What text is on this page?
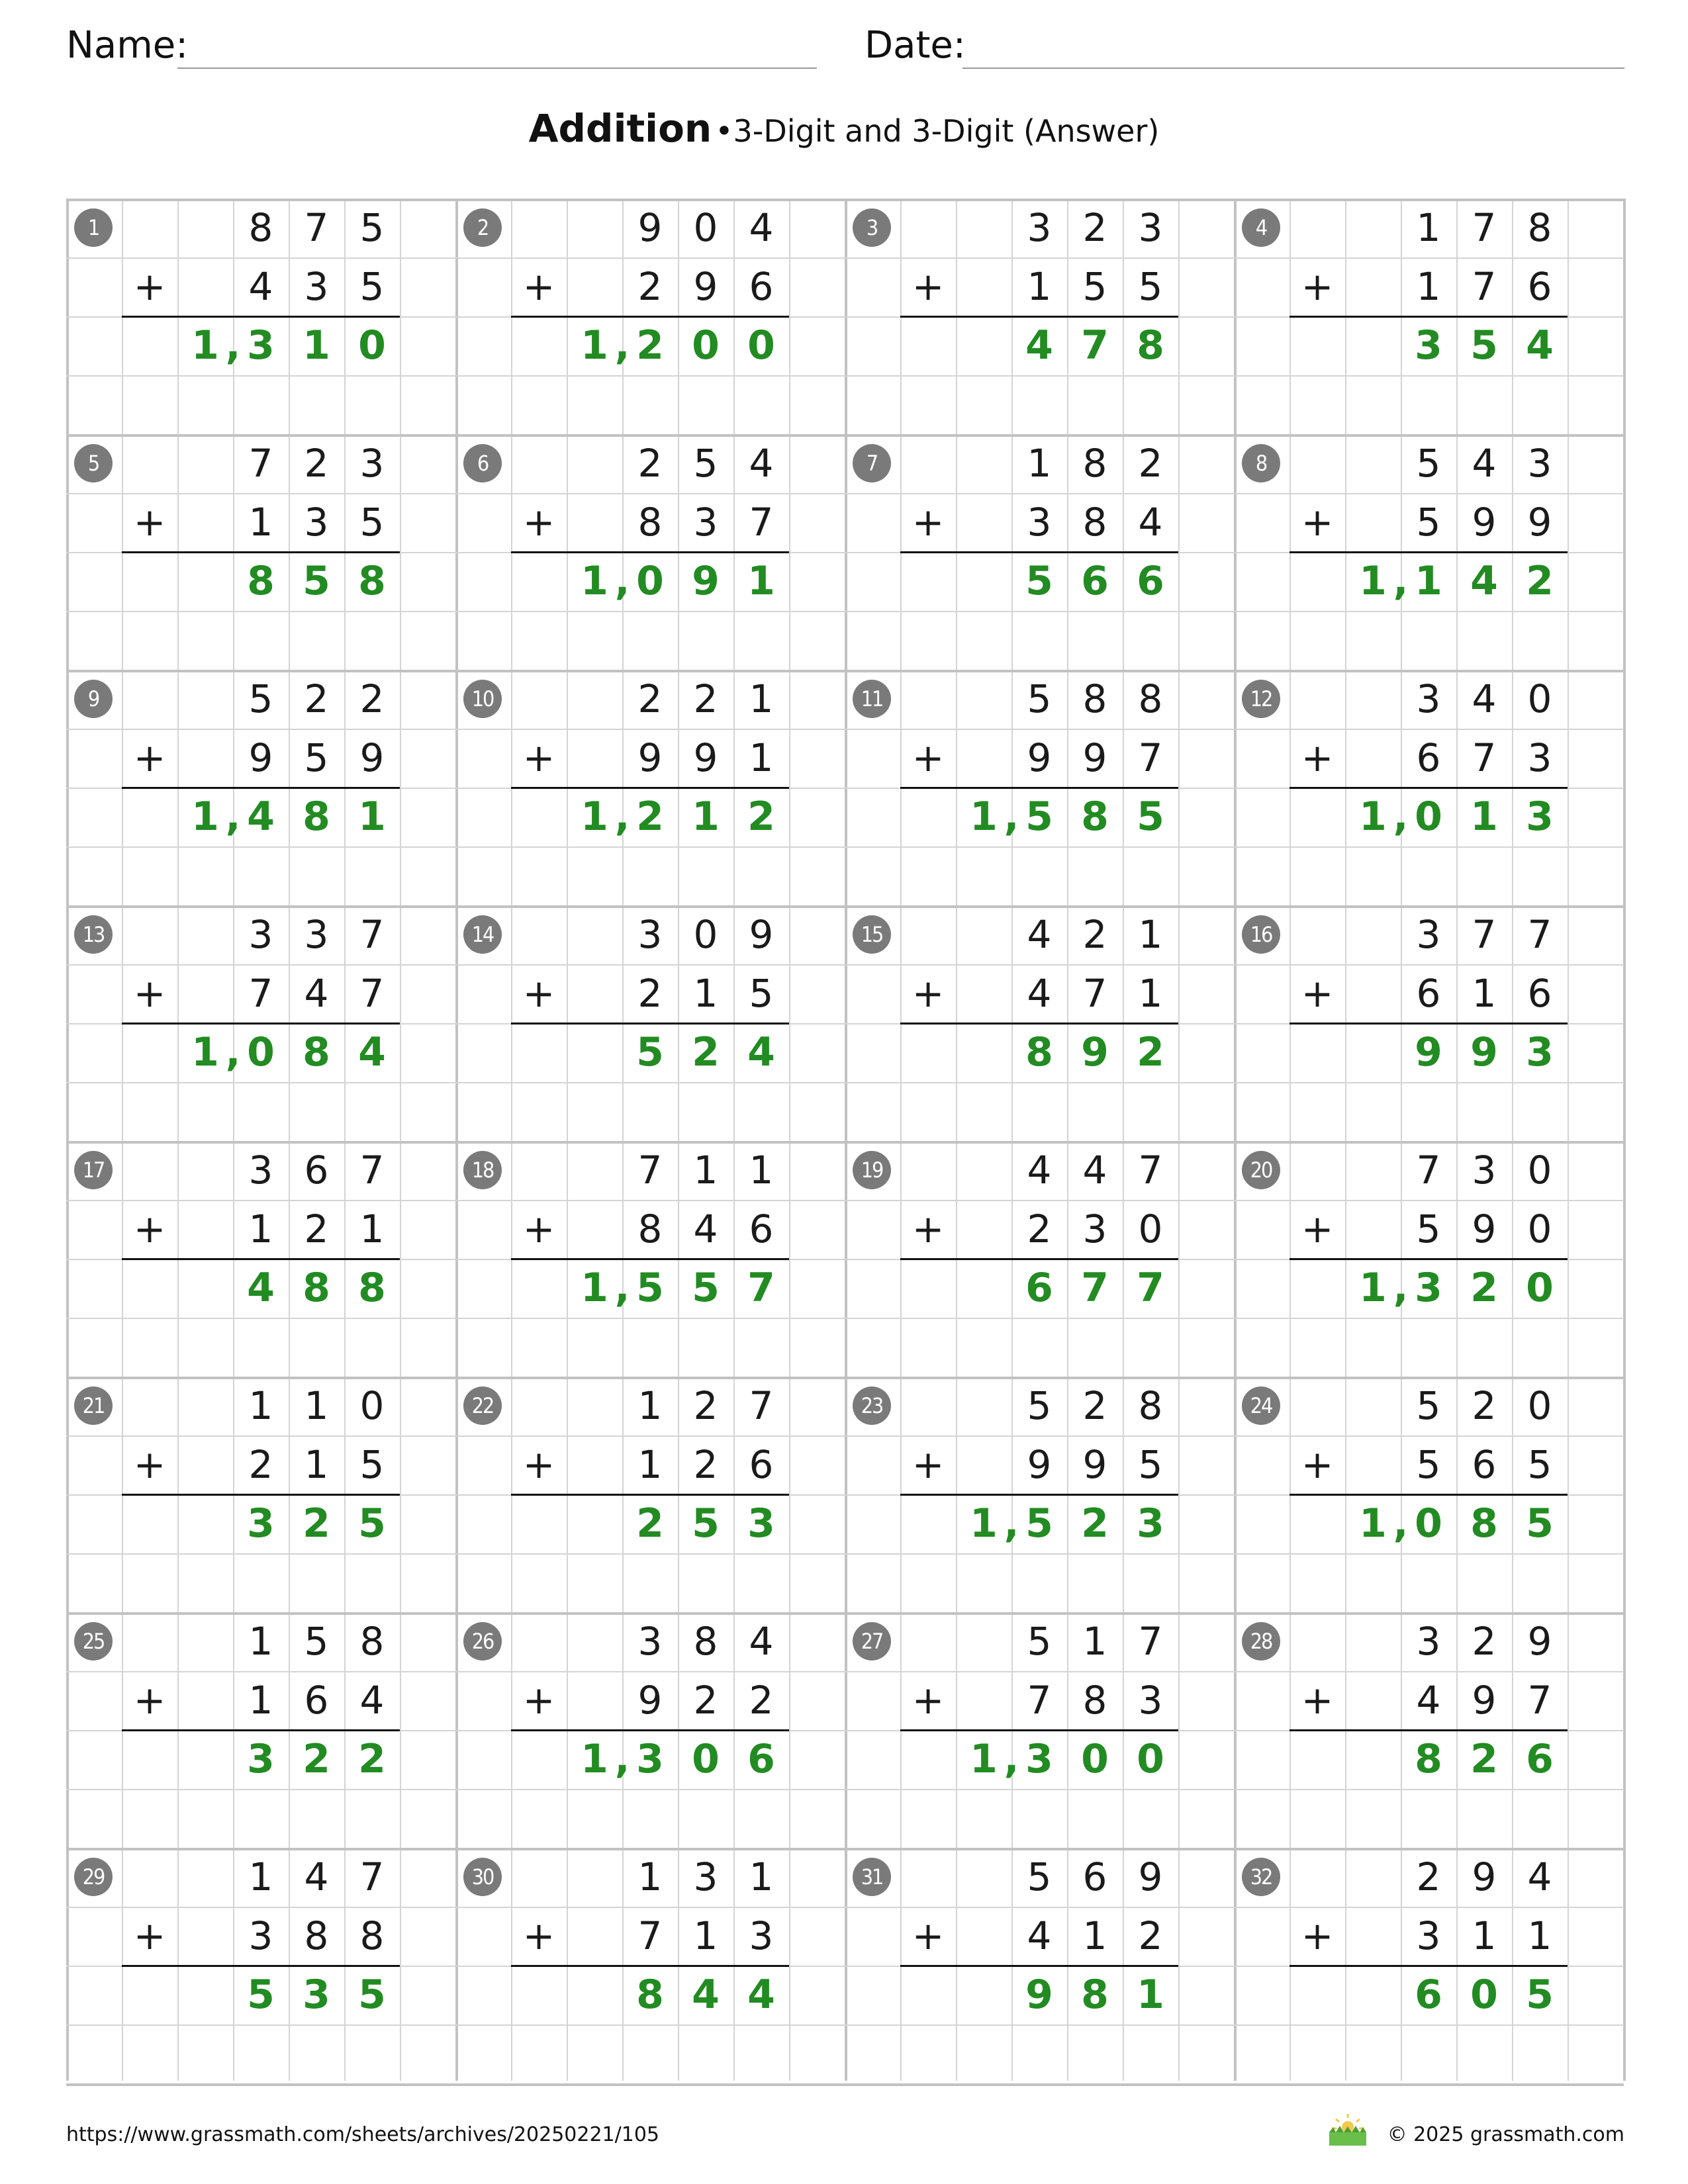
Name:	Date:
Addition •3-Digit and 3-Digit (Answer)
1	8 7 5
4 3 5
+
1 3 1 0
,
2	9 0 4
2 9 6
+
1 2 0 0
,
3	3 2 3
1 5 5
+
4 7 8
4	1 7 8
1 7 6
+
3 5 4
5	7 2 3
1 3 5
+
8 5 8
6	2 5 4
8 3 7
+
1 0 9 1
,
7	1 8 2
3 8 4
+
5 6 6
8	5 4 3
5 9 9
+
1 1 4 2
,
9	5 2 2
9 5 9
+
1 4 8 1
,
10	2 2 1
9 9 1
+
1 2 1 2
,
11	5 8 8
9 9 7
+
1 5 8 5
,
12	3 4 0
6 7 3
+
1 0 1 3
,
13	3 3 7
7 4 7
+
1 0 8 4
,
14	3 0 9
2 1 5
+
5 2 4
15	4 2 1
4 7 1
+
8 9 2
16	3 7 7
6 1 6
+
9 9 3
17	3 6 7
1 2 1
+
4 8 8
18	7 1 1
8 4 6
+
1 5 5 7
,
19	4 4 7
2 3 0
+
6 7 7
20	7 3 0
5 9 0
+
1 3 2 0
,
21	1 1 0
2 1 5
+
3 2 5
22	1 2 7
1 2 6
+
2 5 3
23	5 2 8
9 9 5
+
1 5 2 3
,
24	5 2 0
5 6 5
+
1 0 8 5
,
25	1 5 8
1 6 4
+
3 2 2
26	3 8 4
9 2 2
+
1 3 0 6
,
27	5 1 7
7 8 3
+
1 3 0 0
,
28	3 2 9
4 9 7
+
8 2 6
29	1 4 7
3 8 8
+
5 3 5
30	1 3 1
7 1 3
+
8 4 4
31	5 6 9
4 1 2
+
9 8 1
32	2 9 4
3 1 1
+
6 0 5
https://www.grassmath.com/sheets/archives/20250221/105	© 2025 grassmath.com
